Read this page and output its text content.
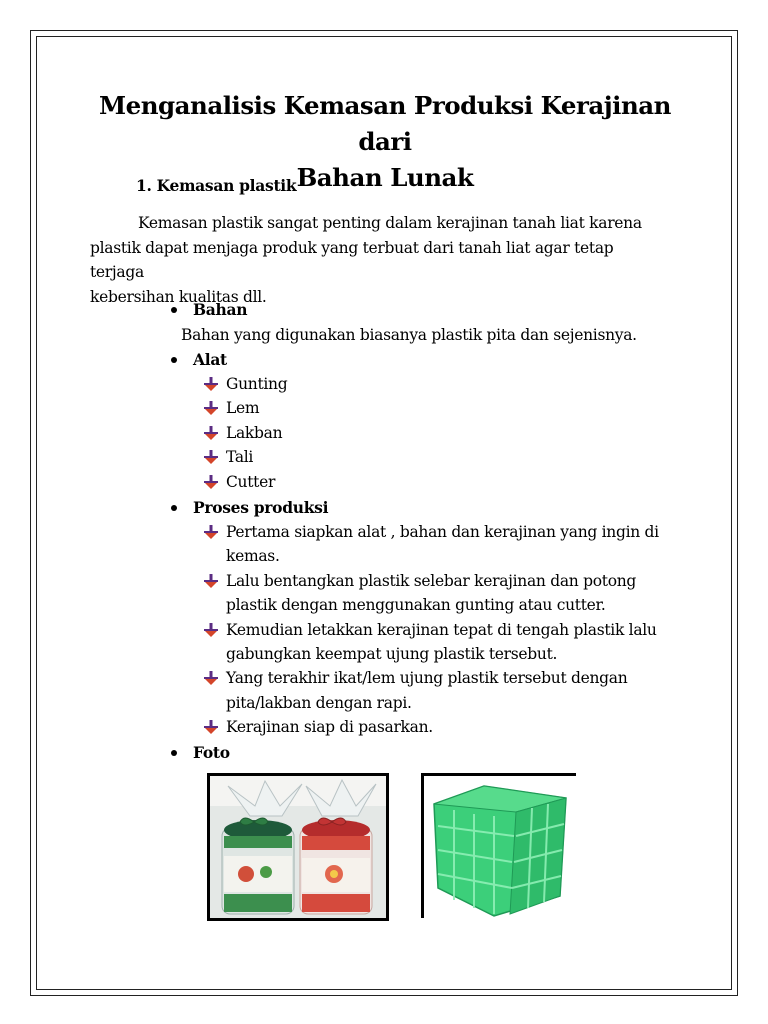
Menganalisis Kemasan Produksi Kerajinan dari
Bahan Lunak
1. Kemasan plastik
Kemasan plastik sangat penting dalam kerajinan tanah liat karena
plastik dapat menjaga produk yang terbuat dari tanah liat agar tetap terjaga
kebersihan kualitas dll.
Bahan
Bahan yang digunakan biasanya plastik pita dan sejenisnya.
Alat
Gunting
Lem
Lakban
Tali
Cutter
Proses produksi
Pertama siapkan alat , bahan dan kerajinan yang ingin di
kemas.
Lalu bentangkan plastik selebar kerajinan dan potong
plastik dengan menggunakan gunting atau cutter.
Kemudian letakkan kerajinan tepat di tengah plastik lalu
gabungkan keempat ujung plastik tersebut.
Yang terakhir ikat/lem ujung plastik tersebut dengan
pita/lakban dengan rapi.
Kerajinan siap di pasarkan.
Foto
